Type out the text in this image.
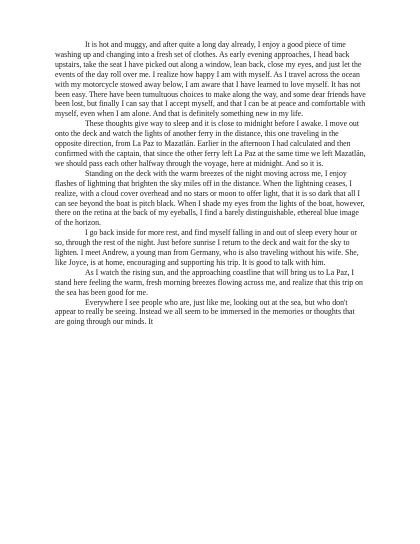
It is hot and muggy, and after quite a long day already, I enjoy a good piece of time washing up and changing into a fresh set of clothes. As early evening approaches, I head back upstairs, take the seat I have picked out along a window, lean back, close my eyes, and just let the events of the day roll over me. I realize how happy I am with myself. As I travel across the ocean with my motorcycle stowed away below, I am aware that I have learned to love myself. It has not been easy. There have been tumultuous choices to make along the way, and some dear friends have been lost, but finally I can say that I accept myself, and that I can be at peace and comfortable with myself, even when I am alone. And that is definitely something new in my life.

These thoughts give way to sleep and it is close to midnight before I awake. I move out onto the deck and watch the lights of another ferry in the distance, this one traveling in the opposite direction, from La Paz to Mazatlán. Earlier in the afternoon I had calculated and then confirmed with the captain, that since the other ferry left La Paz at the same time we left Mazatlán, we should pass each other halfway through the voyage, here at midnight. And so it is.

Standing on the deck with the warm breezes of the night moving across me, I enjoy flashes of lightning that brighten the sky miles off in the distance. When the lightning ceases, I realize, with a cloud cover overhead and no stars or moon to offer light, that it is so dark that all I can see beyond the boat is pitch black. When I shade my eyes from the lights of the boat, however, there on the retina at the back of my eyeballs, I find a barely distinguishable, ethereal blue image of the horizon.

I go back inside for more rest, and find myself falling in and out of sleep every hour or so, through the rest of the night. Just before sunrise I return to the deck and wait for the sky to lighten. I meet Andrew, a young man from Germany, who is also traveling without his wife. She, like Joyce, is at home, encouraging and supporting his trip. It is good to talk with him.

As I watch the rising sun, and the approaching coastline that will bring us to La Paz, I stand here feeling the warm, fresh morning breezes flowing across me, and realize that this trip on the sea has been good for me.

Everywhere I see people who are, just like me, looking out at the sea, but who don't appear to really be seeing. Instead we all seem to be immersed in the memories or thoughts that are going through our minds. It
